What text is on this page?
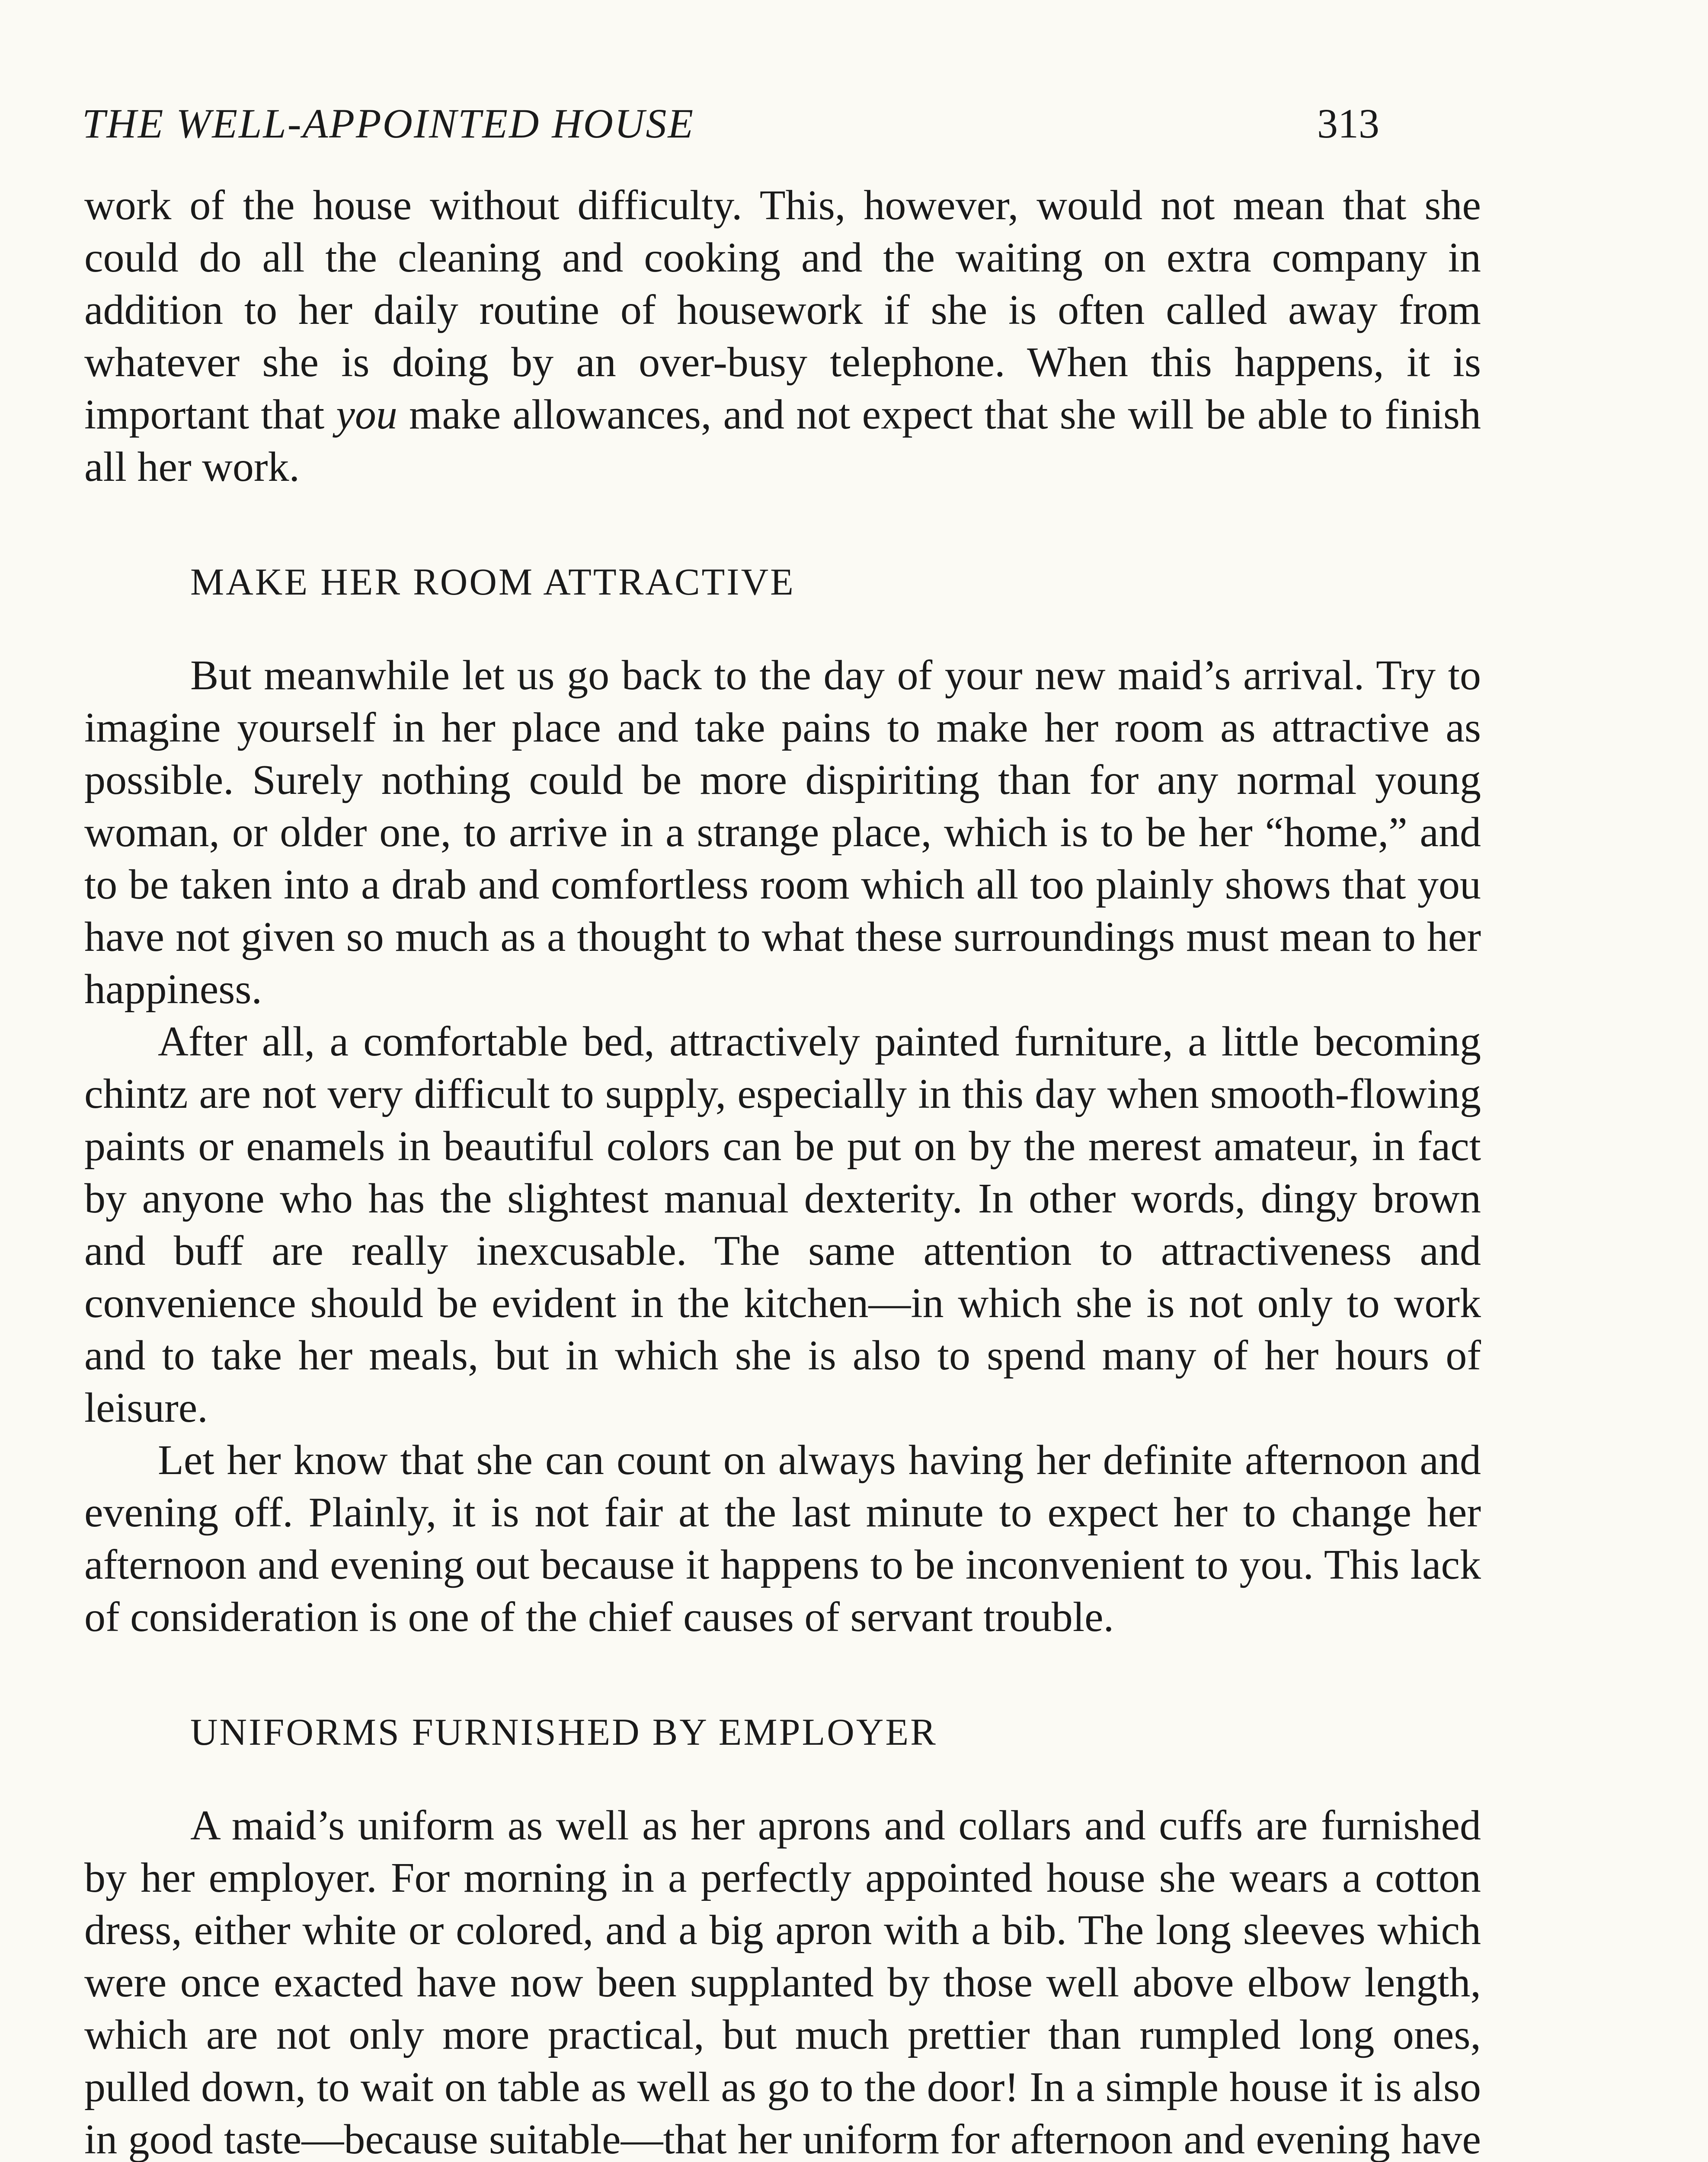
THE WELL-APPOINTED HOUSE	313

work of the house without difficulty. This, however, would not mean that she could do all the cleaning and cooking and the waiting on extra company in addition to her daily routine of housework if she is often called away from whatever she is doing by an over-busy telephone. When this happens, it is important that you make allowances, and not expect that she will be able to finish all her work.

MAKE HER ROOM ATTRACTIVE

But meanwhile let us go back to the day of your new maid’s arrival. Try to imagine yourself in her place and take pains to make her room as attractive as possible. Surely nothing could be more dispiriting than for any normal young woman, or older one, to arrive in a strange place, which is to be her “home,” and to be taken into a drab and comfortless room which all too plainly shows that you have not given so much as a thought to what these surroundings must mean to her happiness.

After all, a comfortable bed, attractively painted furniture, a little becoming chintz are not very difficult to supply, especially in this day when smooth-flowing paints or enamels in beautiful colors can be put on by the merest amateur, in fact by anyone who has the slightest manual dexterity. In other words, dingy brown and buff are really inexcusable. The same attention to attractiveness and convenience should be evident in the kitchen—in which she is not only to work and to take her meals, but in which she is also to spend many of her hours of leisure.

Let her know that she can count on always having her definite afternoon and evening off. Plainly, it is not fair at the last minute to expect her to change her afternoon and evening out because it happens to be inconvenient to you. This lack of consideration is one of the chief causes of servant trouble.

UNIFORMS FURNISHED BY EMPLOYER

A maid’s uniform as well as her aprons and collars and cuffs are furnished by her employer. For morning in a perfectly appointed house she wears a cotton dress, either white or colored, and a big apron with a bib. The long sleeves which were once exacted have now been supplanted by those well above elbow length, which are not only more practical, but much prettier than rumpled long ones, pulled down, to wait on table as well as go to the door! In a simple house it is also in good taste—because suitable—that her uniform for afternoon and evening have
